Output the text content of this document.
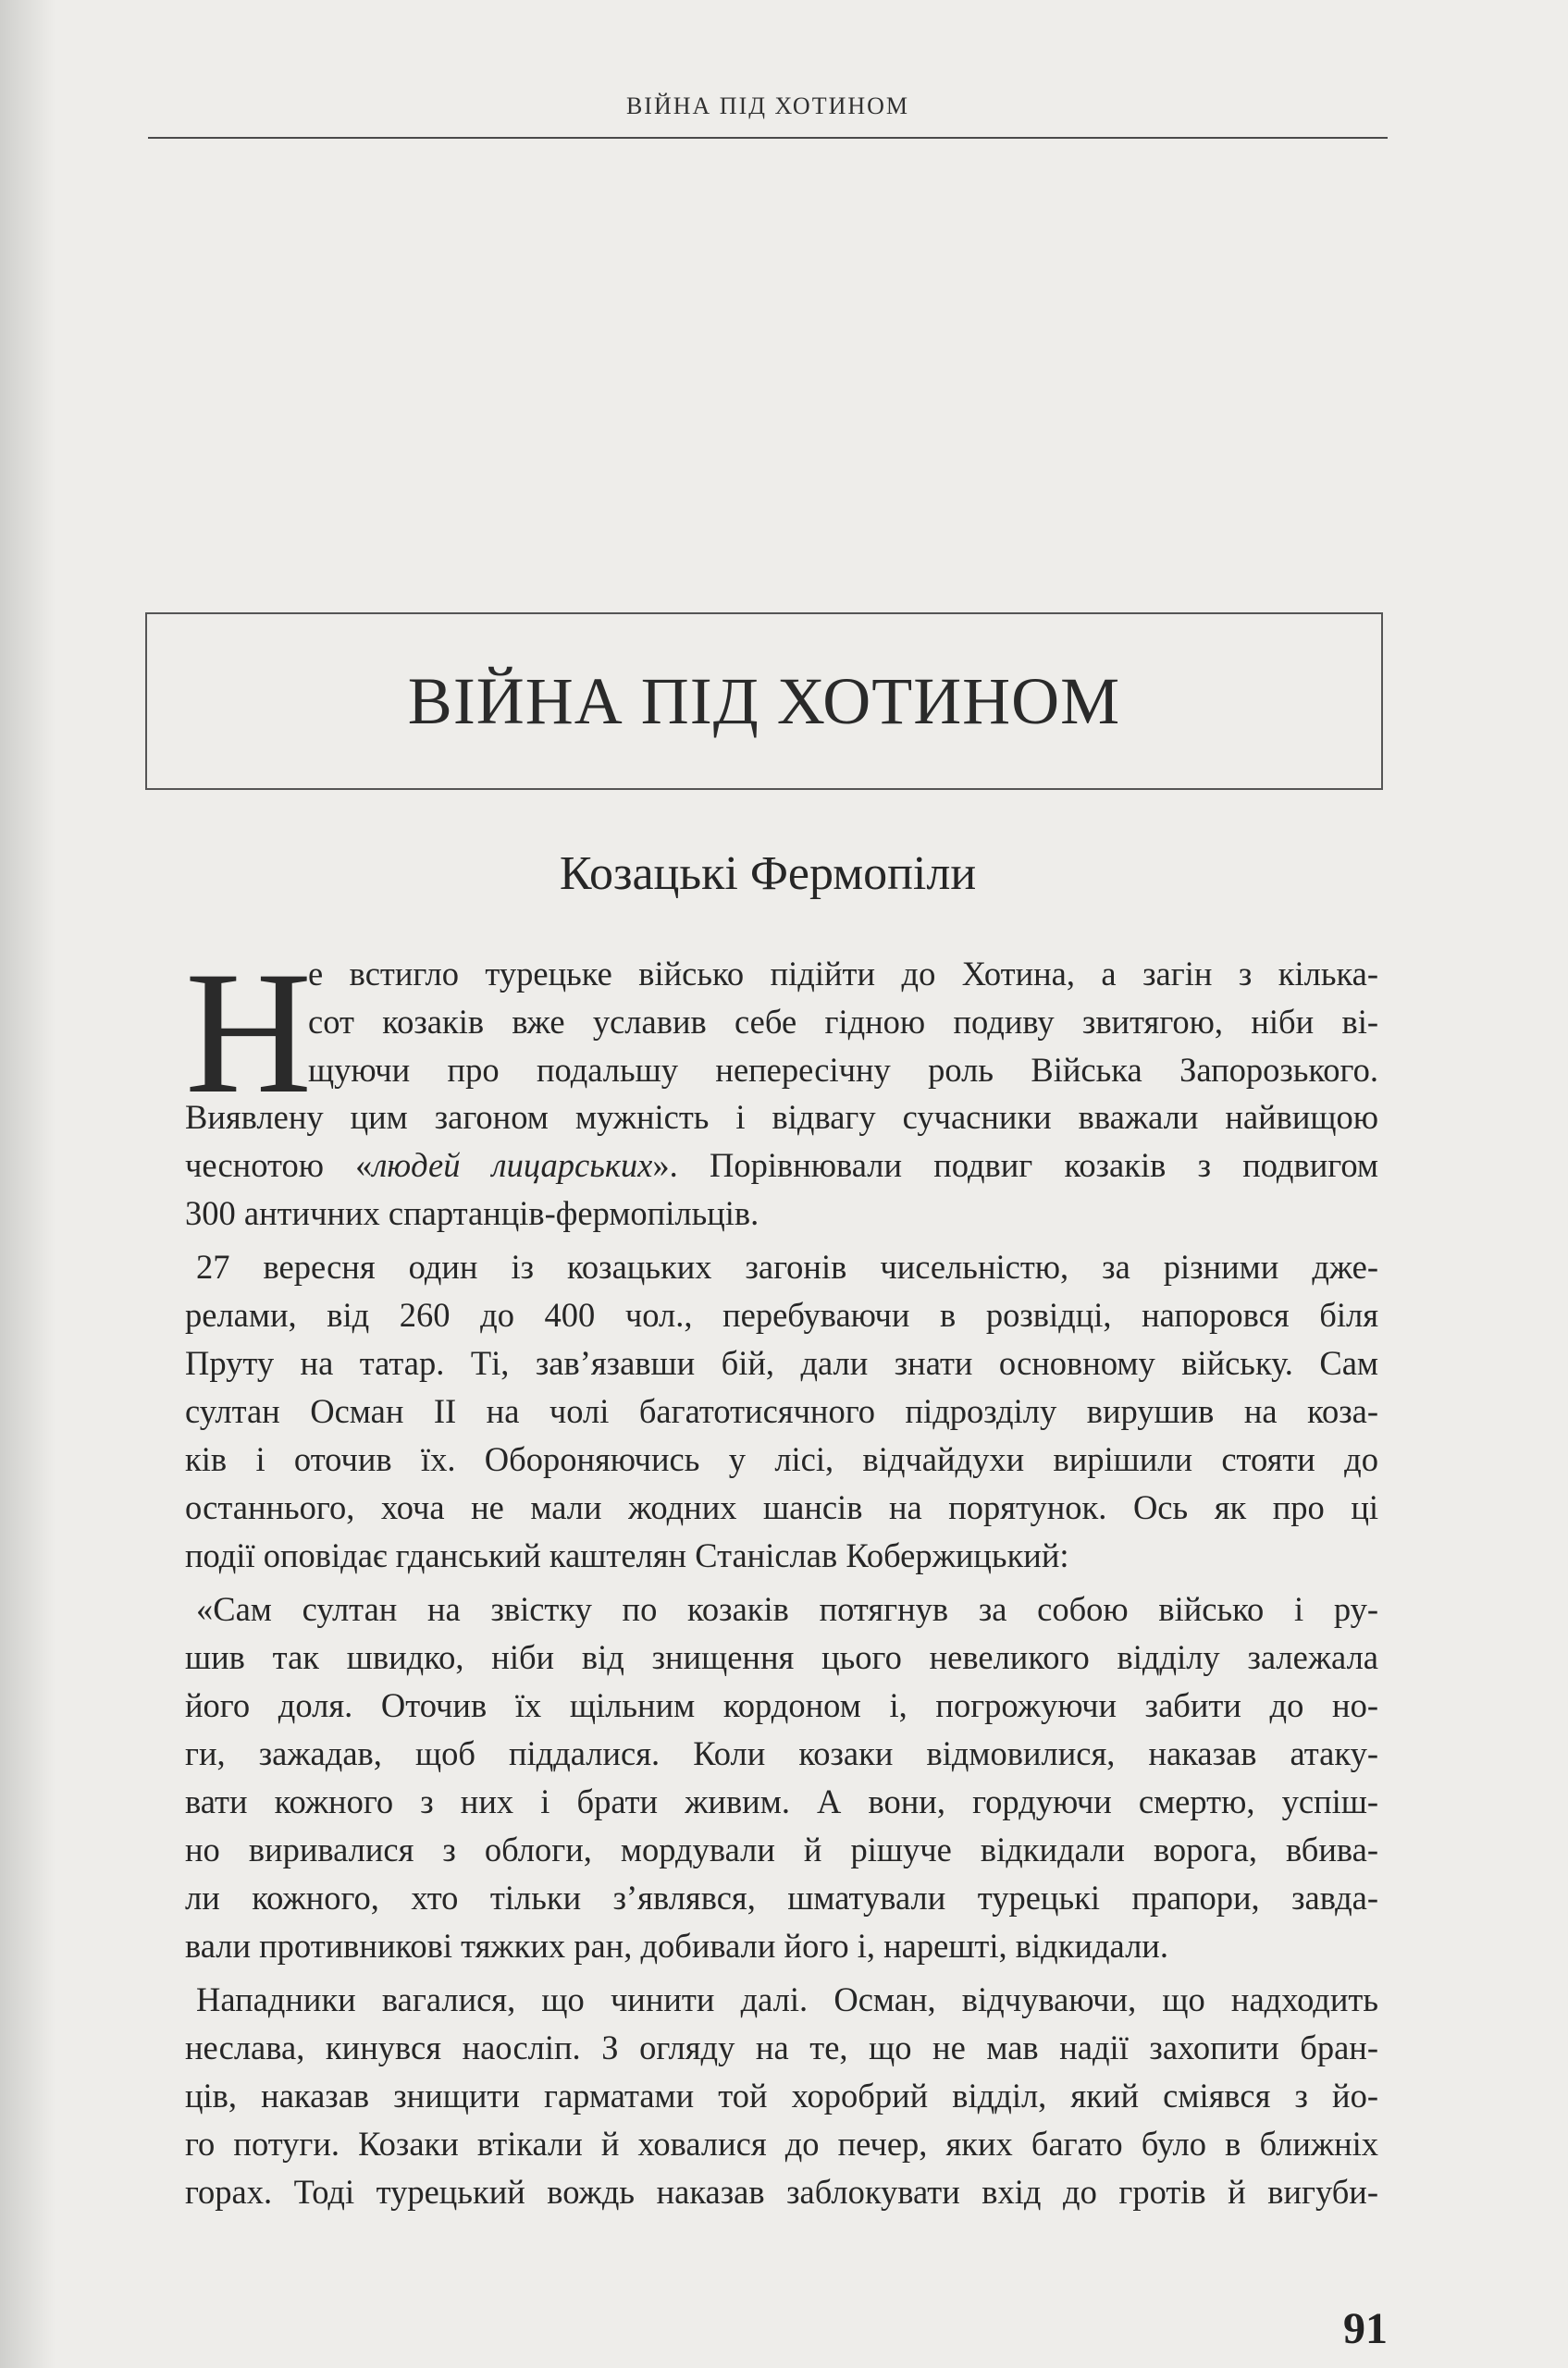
ВІЙНА ПІД ХОТИНОМ
ВІЙНА ПІД ХОТИНОМ
Козацькі Фермопіли
Н
е встигло турецьке військо підійти до Хотина, а загін з кілька-
сот козаків вже уславив себе гідною подиву звитягою, ніби ві-
щуючи про подальшу непересічну роль Війська Запорозького.
Виявлену цим загоном мужність і відвагу сучасники вважали найвищою
чеснотою «людей лицарських». Порівнювали подвиг козаків з подвигом
300 античних спартанців-фермопільців.
27 вересня один із козацьких загонів чисельністю, за різними дже-
релами, від 260 до 400 чол., перебуваючи в розвідці, напоровся біля
Пруту на татар. Ті, зав’язавши бій, дали знати основному війську. Сам
султан Осман II на чолі багатотисячного підрозділу вирушив на коза-
ків і оточив їх. Обороняючись у лісі, відчайдухи вирішили стояти до
останнього, хоча не мали жодних шансів на порятунок. Ось як про ці
події оповідає гданський каштелян Станіслав Кобержицький:
«Сам султан на звістку по козаків потягнув за собою військо і ру-
шив так швидко, ніби від знищення цього невеликого відділу залежала
його доля. Оточив їх щільним кордоном і, погрожуючи забити до но-
ги, зажадав, щоб піддалися. Коли козаки відмовилися, наказав атаку-
вати кожного з них і брати живим. А вони, гордуючи смертю, успіш-
но виривалися з облоги, мордували й рішуче відкидали ворога, вбива-
ли кожного, хто тільки з’являвся, шматували турецькі прапори, завда-
вали противникові тяжких ран, добивали його і, нарешті, відкидали.
Нападники вагалися, що чинити далі. Осман, відчуваючи, що надходить
неслава, кинувся наосліп. З огляду на те, що не мав надії захопити бран-
ців, наказав знищити гарматами той хоробрий відділ, який сміявся з йо-
го потуги. Козаки втікали й ховалися до печер, яких багато було в ближніх
горах. Тоді турецький вождь наказав заблокувати вхід до гротів й вигуби-
91
